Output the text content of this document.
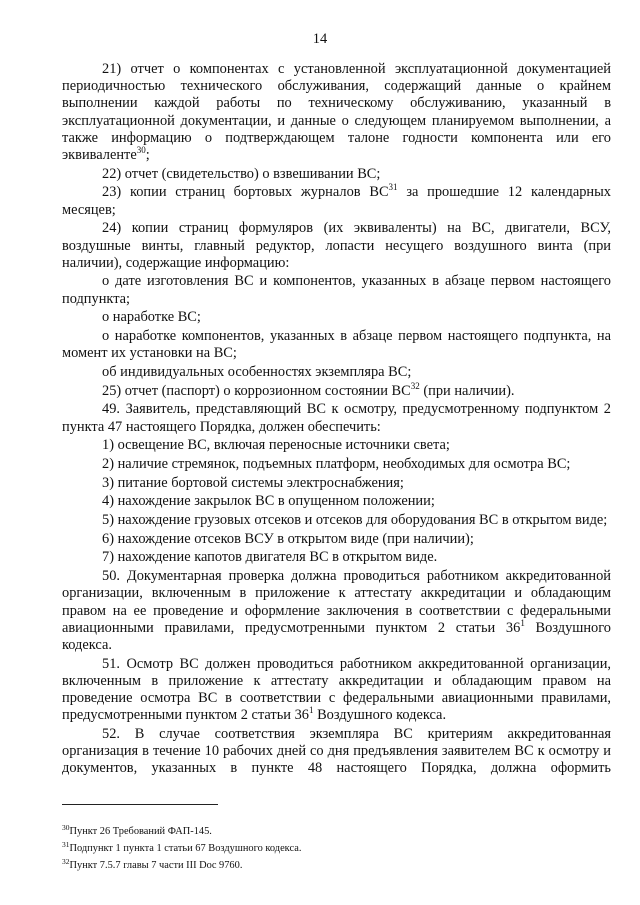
14

21) отчет о компонентах с установленной эксплуатационной документацией периодичностью технического обслуживания, содержащий данные о крайнем выполнении каждой работы по техническому обслуживанию, указанный в эксплуатационной документации, и данные о следующем планируемом выполнении, а также информацию о подтверждающем талоне годности компонента или его эквиваленте$^{30}$;

22) отчет (свидетельство) о взвешивании ВС;

23) копии страниц бортовых журналов ВС$^{31}$ за прошедшие 12 календарных месяцев;

24) копии страниц формуляров (их эквиваленты) на ВС, двигатели, ВСУ, воздушные винты, главный редуктор, лопасти несущего воздушного винта (при наличии), содержащие информацию:

о дате изготовления ВС и компонентов, указанных в абзаце первом настоящего подпункта;

о наработке ВС;

о наработке компонентов, указанных в абзаце первом настоящего подпункта, на момент их установки на ВС;

об индивидуальных особенностях экземпляра ВС;

25) отчет (паспорт) о коррозионном состоянии ВС$^{32}$ (при наличии).

49. Заявитель, представляющий ВС к осмотру, предусмотренному подпунктом 2 пункта 47 настоящего Порядка, должен обеспечить:

1) освещение ВС, включая переносные источники света;

2) наличие стремянок, подъемных платформ, необходимых для осмотра ВС;

3) питание бортовой системы электроснабжения;

4) нахождение закрылок ВС в опущенном положении;

5) нахождение грузовых отсеков и отсеков для оборудования ВС в открытом виде;

6) нахождение отсеков ВСУ в открытом виде (при наличии);

7) нахождение капотов двигателя ВС в открытом виде.

50. Документарная проверка должна проводиться работником аккредитованной организации, включенным в приложение к аттестату аккредитации и обладающим правом на ее проведение и оформление заключения в соответствии с федеральными авиационными правилами, предусмотренными пунктом 2 статьи $36^1$ Воздушного кодекса.

51. Осмотр ВС должен проводиться работником аккредитованной организации, включенным в приложение к аттестату аккредитации и обладающим правом на проведение осмотра ВС в соответствии с федеральными авиационными правилами, предусмотренными пунктом 2 статьи $36^1$ Воздушного кодекса.

52. В случае соответствия экземпляра ВС критериям аккредитованная организация в течение 10 рабочих дней со дня предъявления заявителем ВС к осмотру и документов, указанных в пункте 48 настоящего Порядка, должна оформить

$^{30}$Пункт 26 Требований ФАП-145.

$^{31}$Подпункт 1 пункта 1 статьи 67 Воздушного кодекса.

$^{32}$Пункт 7.5.7 главы 7 части III Doc 9760.
